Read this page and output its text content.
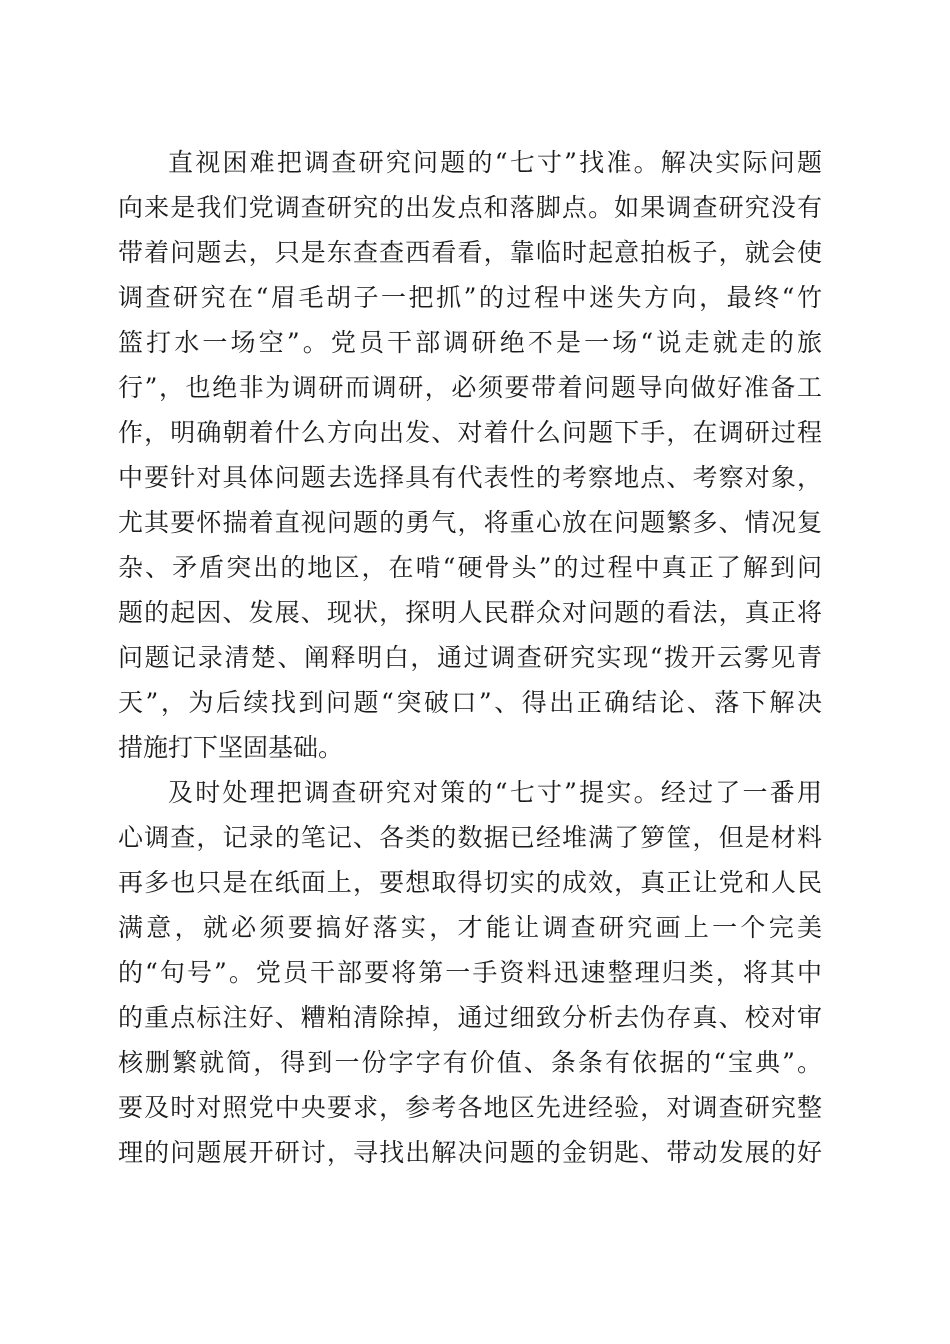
直视困难把调查研究问题的“七寸”找准。解决实际问题
向来是我们党调查研究的出发点和落脚点。如果调查研究没有
带着问题去，只是东查查西看看，靠临时起意拍板子，就会使
调查研究在“眉毛胡子一把抓”的过程中迷失方向，最终“竹
篮打水一场空”。党员干部调研绝不是一场“说走就走的旅
行”，也绝非为调研而调研，必须要带着问题导向做好准备工
作，明确朝着什么方向出发、对着什么问题下手，在调研过程
中要针对具体问题去选择具有代表性的考察地点、考察对象，
尤其要怀揣着直视问题的勇气，将重心放在问题繁多、情况复
杂、矛盾突出的地区，在啃“硬骨头”的过程中真正了解到问
题的起因、发展、现状，探明人民群众对问题的看法，真正将
问题记录清楚、阐释明白，通过调查研究实现“拨开云雾见青
天”，为后续找到问题“突破口”、得出正确结论、落下解决
措施打下坚固基础。
及时处理把调查研究对策的“七寸”提实。经过了一番用
心调查，记录的笔记、各类的数据已经堆满了箩筐，但是材料
再多也只是在纸面上，要想取得切实的成效，真正让党和人民
满意，就必须要搞好落实，才能让调查研究画上一个完美
的“句号”。党员干部要将第一手资料迅速整理归类，将其中
的重点标注好、糟粕清除掉，通过细致分析去伪存真、校对审
核删繁就简，得到一份字字有价值、条条有依据的“宝典”。
要及时对照党中央要求，参考各地区先进经验，对调查研究整
理的问题展开研讨，寻找出解决问题的金钥匙、带动发展的好
